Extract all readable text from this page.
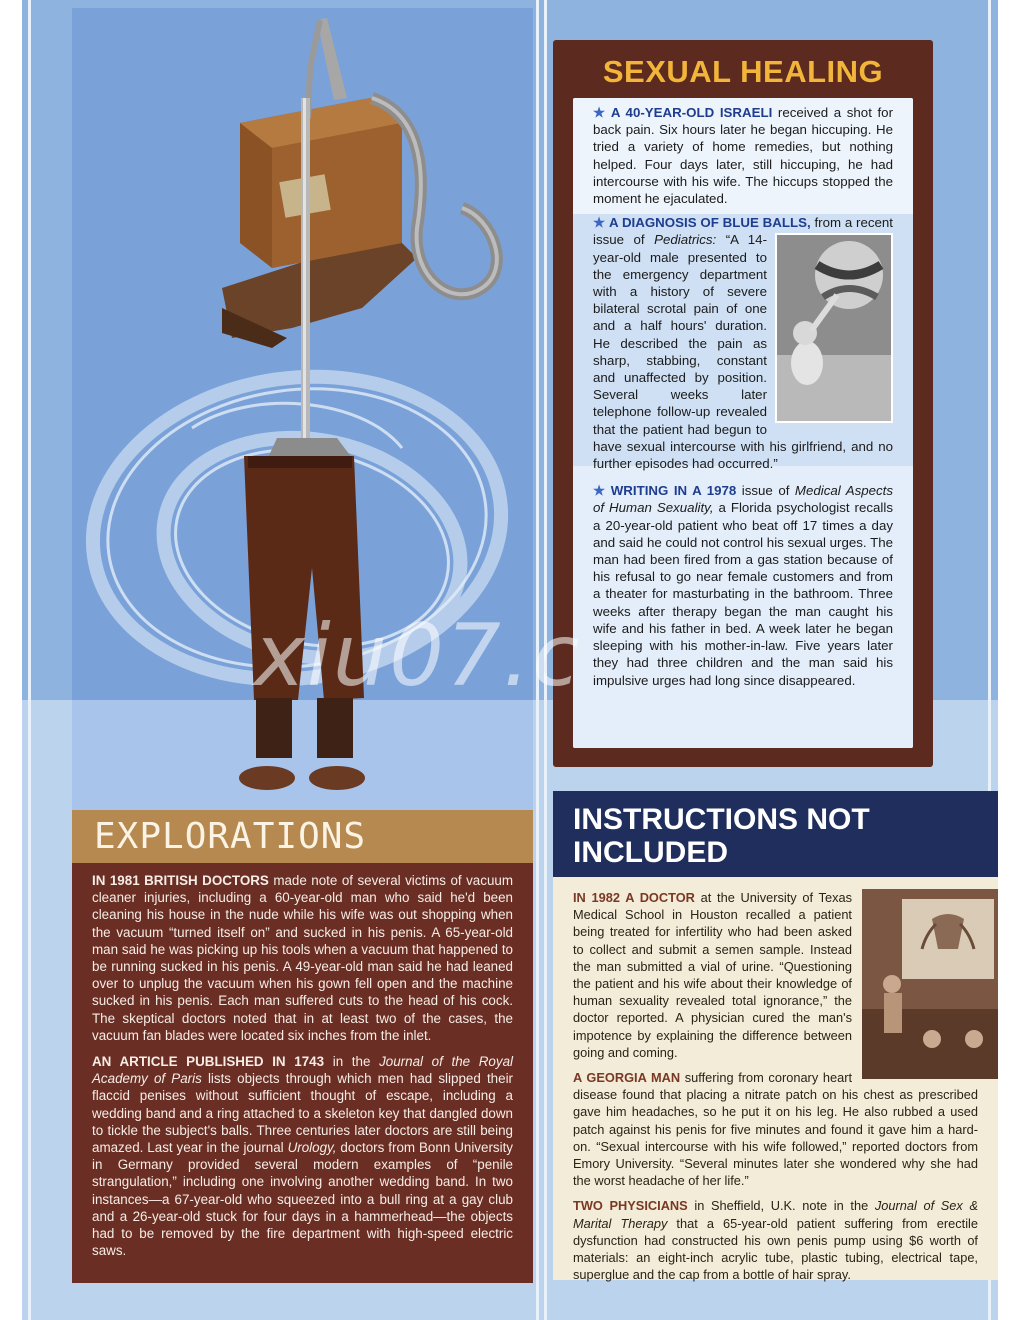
EXPLORATIONS

IN 1981 BRITISH DOCTORS made note of several victims of vacuum cleaner injuries, including a 60-year-old man who said he'd been cleaning his house in the nude while his wife was out shopping when the vacuum “turned itself on” and sucked in his penis. A 65-year-old man said he was picking up his tools when a vacuum that happened to be running sucked in his penis. A 49-year-old man said he had leaned over to unplug the vacuum when his gown fell open and the machine sucked in his penis. Each man suffered cuts to the head of his cock. The skeptical doctors noted that in at least two of the cases, the vacuum fan blades were located six inches from the inlet.

AN ARTICLE PUBLISHED IN 1743 in the Journal of the Royal Academy of Paris lists objects through which men had slipped their flaccid penises without sufficient thought of escape, including a wedding band and a ring attached to a skeleton key that dangled down to tickle the subject's balls. Three centuries later doctors are still being amazed. Last year in the journal Urology, doctors from Bonn University in Germany provided several modern examples of “penile strangulation,” including one involving another wedding band. In two instances—a 67-year-old who squeezed into a bull ring at a gay club and a 26-year-old stuck for four days in a hammerhead—the objects had to be removed by the fire department with high-speed electric saws.

SEXUAL HEALING

★ A 40-YEAR-OLD ISRAELI received a shot for back pain. Six hours later he began hiccuping. He tried a variety of home remedies, but nothing helped. Four days later, still hiccuping, he had intercourse with his wife. The hiccups stopped the moment he ejaculated.

★ A DIAGNOSIS OF BLUE BALLS, from a recent issue of Pediatrics:
“A 14-year-old male presented to the emergency department with a history of severe bilateral scrotal pain of one and a half hours' duration. He described the pain as sharp, stabbing, constant and unaffected by position. Several weeks later telephone follow-up revealed that the patient had begun to have sexual intercourse with his girlfriend, and no further episodes had occurred.”

★ WRITING IN A 1978 issue of Medical Aspects of Human Sexuality, a Florida psychologist recalls a 20-year-old patient who beat off 17 times a day and said he could not control his sexual urges. The man had been fired from a gas station because of his refusal to go near female customers and from a theater for masturbating in the bathroom. Three weeks after therapy began the man caught his wife and his father in bed. A week later he began sleeping with his mother-in-law. Five years later they had three children and the man said his impulsive urges had long since disappeared.

INSTRUCTIONS NOT
INCLUDED

IN 1982 A DOCTOR at the University of Texas Medical School in Houston recalled a patient being treated for infertility who had been asked to collect and submit a semen sample. Instead the man submitted a vial of urine. “Questioning the patient and his wife about their knowledge of human sexuality revealed total ignorance,” the doctor reported. A physician cured the man's impotence by explaining the difference between going and coming.

A GEORGIA MAN suffering from coronary heart disease found that placing a nitrate patch on his chest as prescribed gave him headaches, so he put it on his leg. He also rubbed a used patch against his penis for five minutes and found it gave him a hard-on. “Sexual intercourse with his wife followed,” reported doctors from Emory University. “Several minutes later she wondered why she had the worst headache of her life.”

TWO PHYSICIANS in Sheffield, U.K. note in the Journal of Sex & Marital Therapy that a 65-year-old patient suffering from erectile dysfunction had constructed his own penis pump using $6 worth of materials: an eight-inch acrylic tube, plastic tubing, electrical tape, superglue and the cap from a bottle of hair spray.

xiu07.c
